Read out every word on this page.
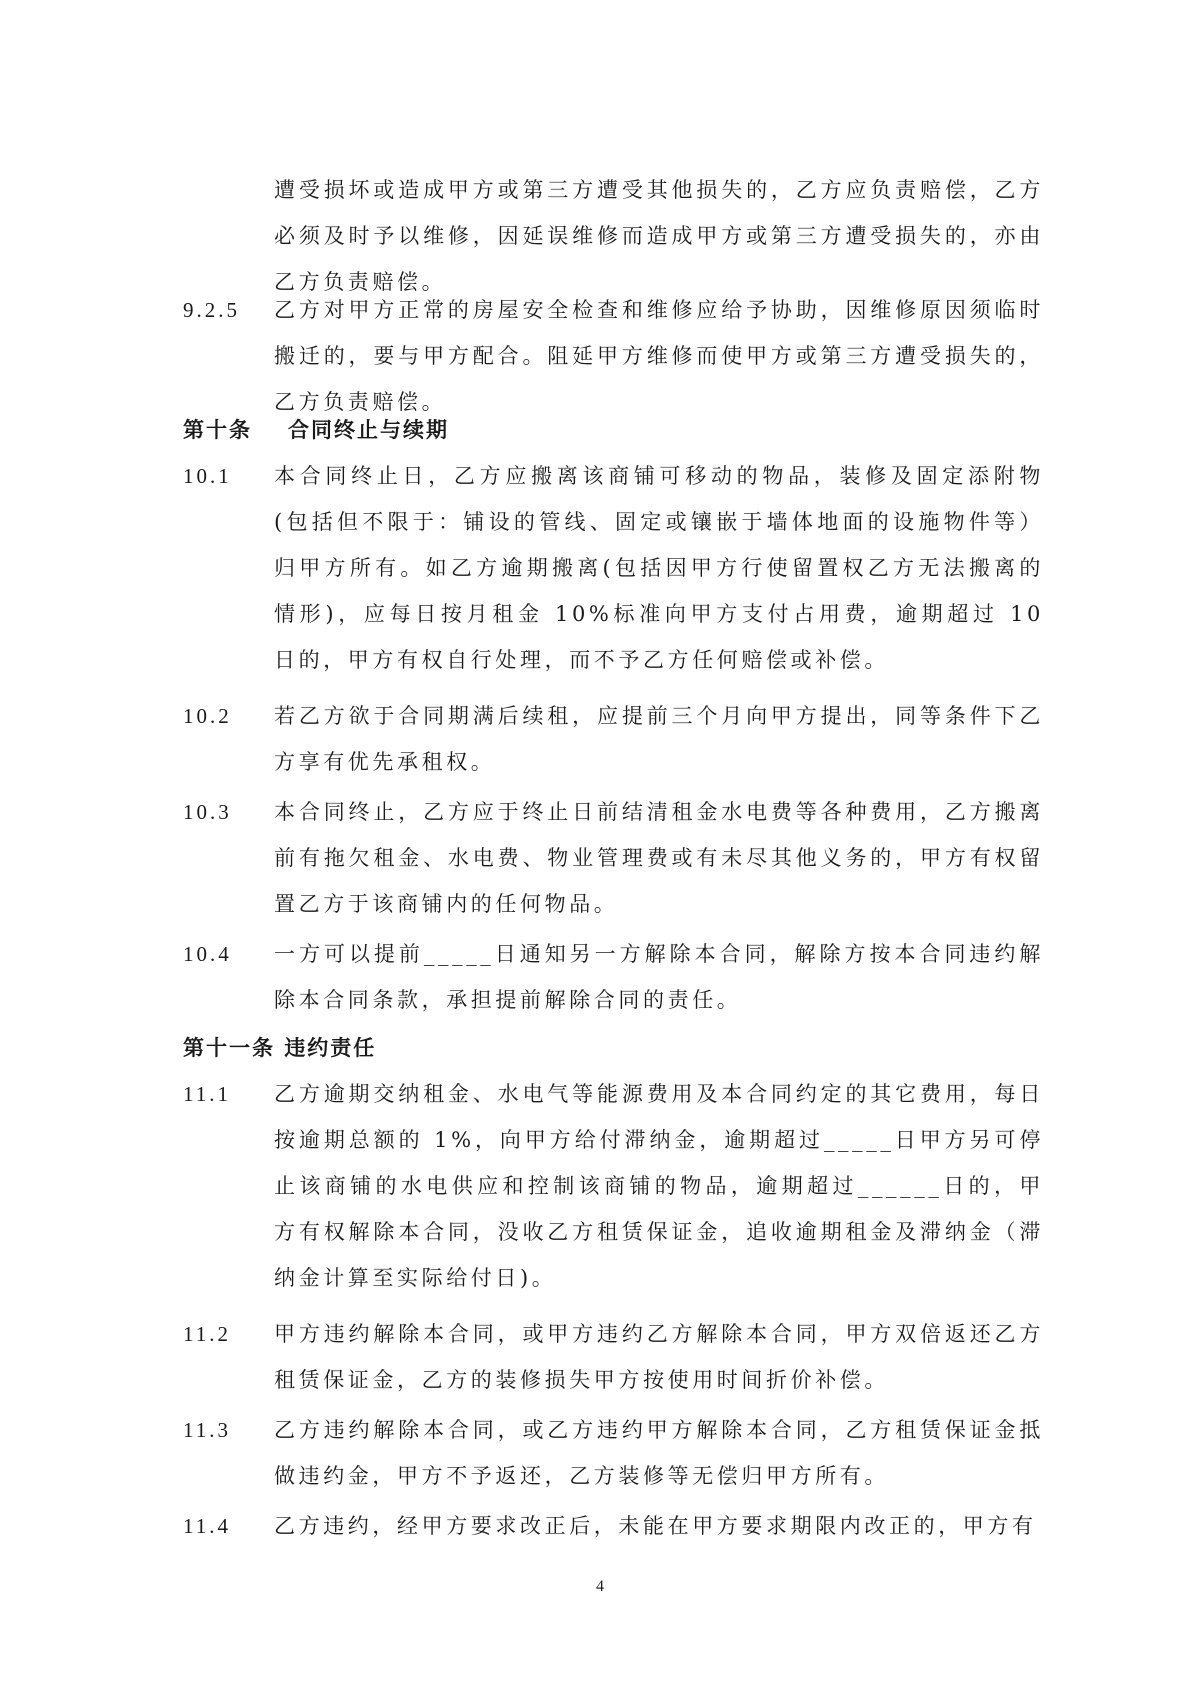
遭受损坏或造成甲方或第三方遭受其他损失的，乙方应负责赔偿，乙方必须及时予以维修，因延误维修而造成甲方或第三方遭受损失的，亦由乙方负责赔偿。
9.2.5 乙方对甲方正常的房屋安全检查和维修应给予协助，因维修原因须临时搬迁的，要与甲方配合。阻延甲方维修而使甲方或第三方遭受损失的，乙方负责赔偿。
第十条 合同终止与续期
10.1 本合同终止日，乙方应搬离该商铺可移动的物品，装修及固定添附物(包括但不限于：铺设的管线、固定或镶嵌于墙体地面的设施物件等）归甲方所有。如乙方逾期搬离(包括因甲方行使留置权乙方无法搬离的情形)，应每日按月租金 10%标准向甲方支付占用费，逾期超过 10 日的，甲方有权自行处理，而不予乙方任何赔偿或补偿。
10.2 若乙方欲于合同期满后续租，应提前三个月向甲方提出，同等条件下乙方享有优先承租权。
10.3 本合同终止，乙方应于终止日前结清租金水电费等各种费用，乙方搬离前有拖欠租金、水电费、物业管理费或有未尽其他义务的，甲方有权留置乙方于该商铺内的任何物品。
10.4 一方可以提前_____日通知另一方解除本合同，解除方按本合同违约解除本合同条款，承担提前解除合同的责任。
第十一条 违约责任
11.1 乙方逾期交纳租金、水电气等能源费用及本合同约定的其它费用，每日按逾期总额的 1%，向甲方给付滞纳金，逾期超过_____日甲方另可停止该商铺的水电供应和控制该商铺的物品，逾期超过______日的，甲方有权解除本合同，没收乙方租赁保证金，追收逾期租金及滞纳金（滞纳金计算至实际给付日)。
11.2 甲方违约解除本合同，或甲方违约乙方解除本合同，甲方双倍返还乙方租赁保证金，乙方的装修损失甲方按使用时间折价补偿。
11.3 乙方违约解除本合同，或乙方违约甲方解除本合同，乙方租赁保证金抵做违约金，甲方不予返还，乙方装修等无偿归甲方所有。
11.4 乙方违约，经甲方要求改正后，未能在甲方要求期限内改正的，甲方有
4
